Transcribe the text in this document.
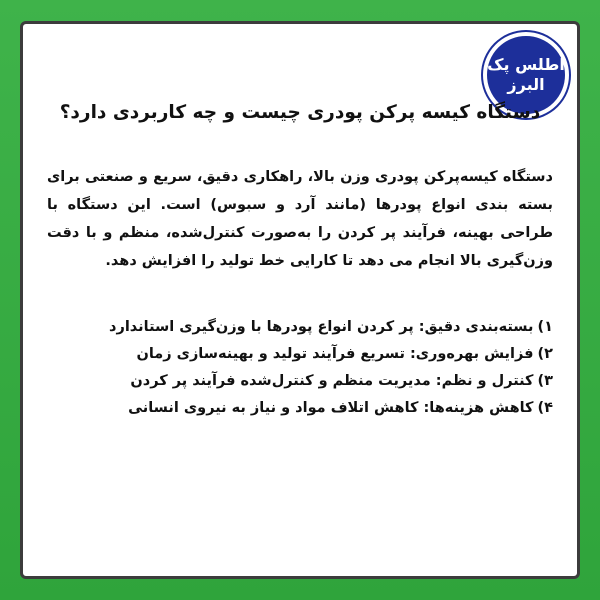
اطلس پک
البرز
دستگاه کیسه پرکن پودری چیست و چه کاربردی دارد؟

دستگاه کیسه‌پرکن پودری وزن بالا، راهکاری دقیق، سریع و صنعتی برای بسته بندی انواع پودرها (مانند آرد و سبوس) است. این دستگاه با طراحی بهینه، فرآیند پر کردن را به‌صورت کنترل‌شده، منظم و با دقت وزن‌گیری بالا انجام می دهد تا کارایی خط تولید را افزایش دهد.

۱)بسته‌بندی دقیق: پر کردن انواع پودرها با وزن‌گیری استاندارد
۲)فزایش بهره‌وری: تسریع فرآیند تولید و بهینه‌سازی زمان
۳)کنترل و نظم: مدیریت منظم و کنترل‌شده فرآیند پر کردن
۴)کاهش هزینه‌ها: کاهش اتلاف مواد و نیاز به نیروی انسانی
